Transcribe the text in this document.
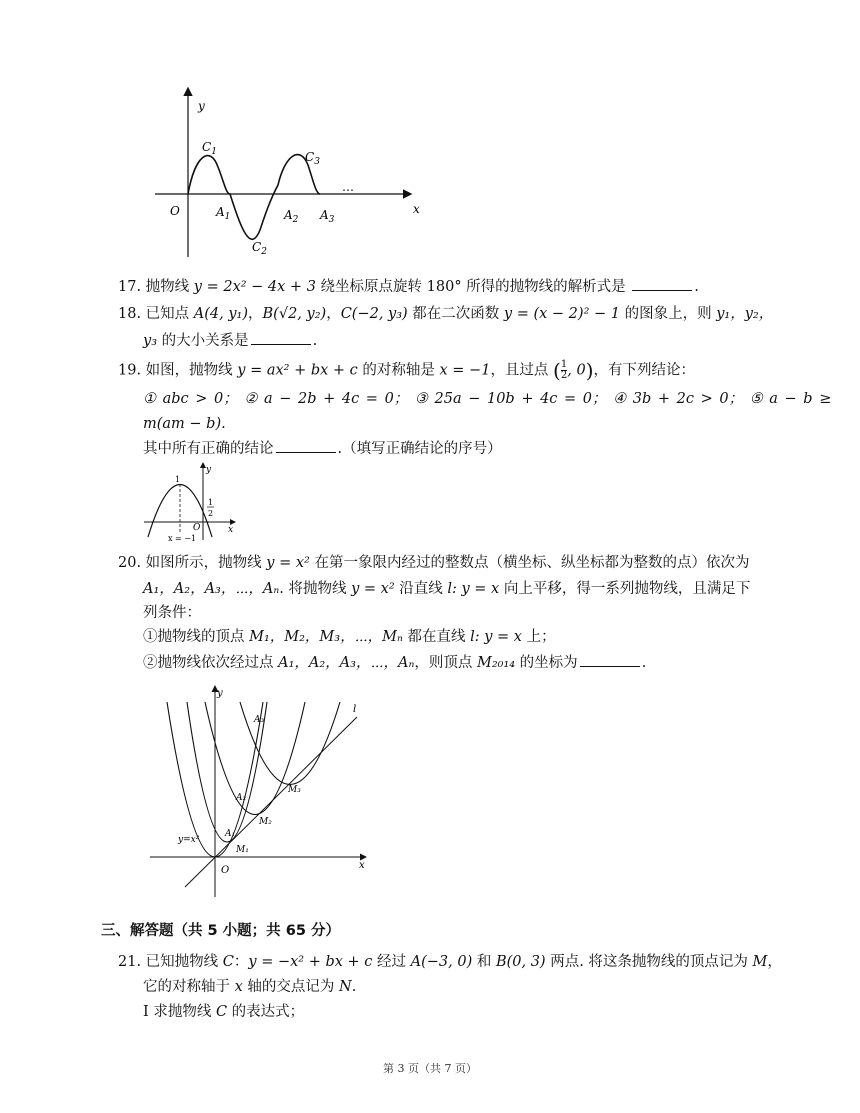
y
x
O
$C_1$	$C_3$
$C_2$
$A_1$	$A_2$ $A_3$
…
17. 抛物线 y = 2x² − 4x + 3 绕坐标原点旋转 180° 所得的抛物线的解析式是	.
18. 已知点 A(4, y₁)，B(√2, y₂)，C(−2, y₃) 都在二次函数 y = (x − 2)² − 1 的图象上，则 y₁，y₂，
y₃ 的大小关系是	.
19. 如图，抛物线 y = ax² + bx + c 的对称轴是 x = −1，且过点 ( $\frac{1}{2}$ , 0)，有下列结论：
① abc > 0； ② a − 2b + 4c = 0； ③ 25a − 10b + 4c = 0； ④ 3b + 2c > 0； ⑤ a − b ≥
m(am − b).
其中所有正确的结论	.（填写正确结论的序号）
y
x
O
1
1
2
x = −1
20. 如图所示，抛物线 y = x² 在第一象限内经过的整数点（横坐标、纵坐标都为整数的点）依次为
A₁，A₂，A₃，⋯，Aₙ. 将抛物线 y = x² 沿直线 l: y = x 向上平移，得一系列抛物线，且满足下
列条件：
①抛物线的顶点 M₁，M₂，M₃，⋯，Mₙ 都在直线 l: y = x 上；
②抛物线依次经过点 A₁，A₂，A₃，⋯，Aₙ，则顶点 M₂₀₁₄ 的坐标为	.
y
x
O
l
y=x²
A₁
M₁
A₂
M₂
A₃
M₃
三、解答题（共 5 小题；共 65 分）
21. 已知抛物线 C：y = −x² + bx + c 经过 A(−3, 0) 和 B(0, 3) 两点. 将这条抛物线的顶点记为 M，
它的对称轴于 x 轴的交点记为 N.
Ⅰ 求抛物线 C 的表达式；
第 3 页（共 7 页）
